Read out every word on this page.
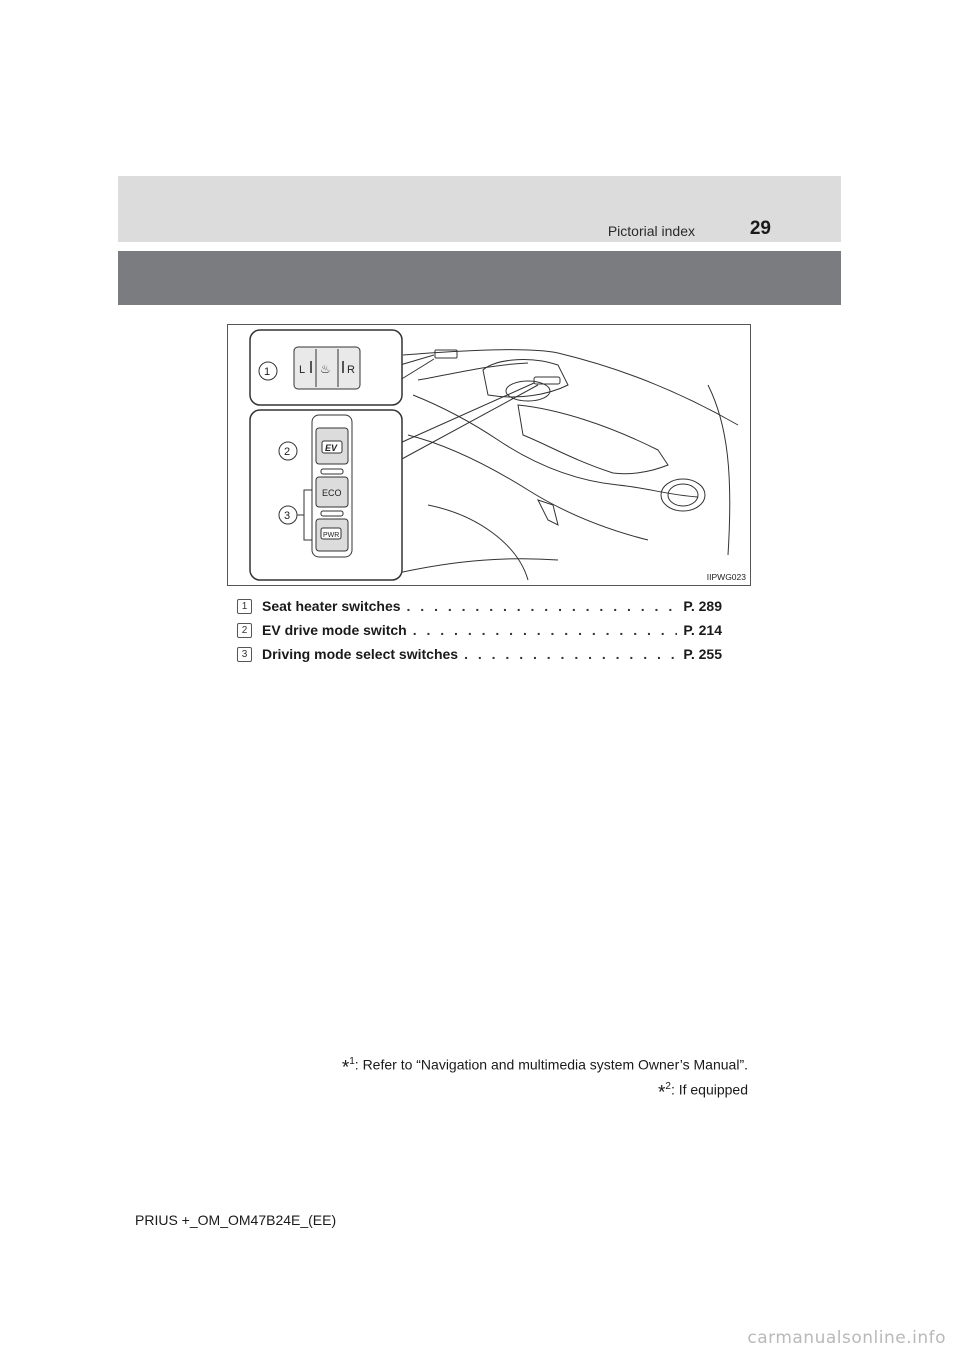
Pictorial index	29
L	R
♨
1
EV
ECO
PWR
2
3
IIPWG023
1	Seat heater switches . . .	P. 289
2	EV drive mode switch . . .	P. 214
3	Driving mode select switches . . .	P. 255
*$^1$: Refer to “Navigation and multimedia system Owner’s Manual”.
*$^2$: If equipped
PRIUS +_OM_OM47B24E_(EE)
carmanualsonline.info
